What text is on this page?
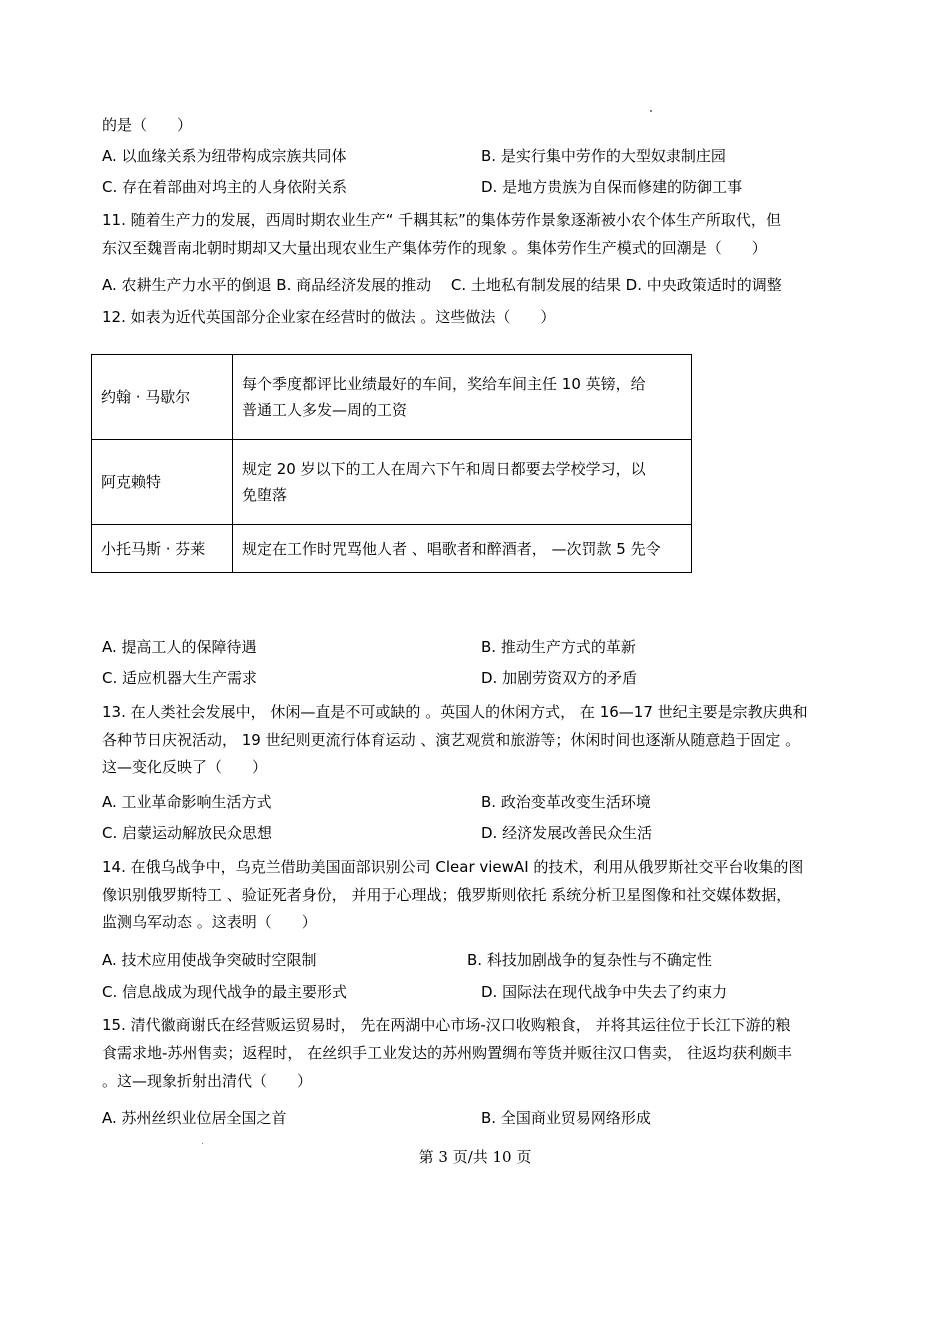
的是（　　）
A. 以血缘关系为纽带构成宗族共同体	B. 是实行集中劳作的大型奴隶制庄园
C. 存在着部曲对坞主的人身依附关系	D. 是地方贵族为自保而修建的防御工事
11. 随着生产力的发展，西周时期农业生产“ 千耦其耘”的集体劳作景象逐渐被小农个体生产所取代，但
东汉至魏晋南北朝时期却又大量出现农业生产集体劳作的现象 。集体劳作生产模式的回潮是（　　）
A. 农耕生产力水平的倒退 B. 商品经济发展的推动　 C. 土地私有制发展的结果 D. 中央政策适时的调整
12. 如表为近代英国部分企业家在经营时的做法 。这些做法（　　）
约翰 · 马歇尔	每个季度都评比业绩最好的车间，奖给车间主任 10 英镑，给
普通工人多发—周的工资

阿克赖特	规定 20 岁以下的工人在周六下午和周日都要去学校学习，以
免堕落

小托马斯 · 芬莱	规定在工作时咒骂他人者 、唱歌者和醉酒者， —次罚款 5 先令
A. 提高工人的保障待遇	B. 推动生产方式的革新
C. 适应机器大生产需求	D. 加剧劳资双方的矛盾
13. 在人类社会发展中， 休闲—直是不可或缺的 。英国人的休闲方式， 在 16—17 世纪主要是宗教庆典和
各种节日庆祝活动， 19 世纪则更流行体育运动 、演艺观赏和旅游等；休闲时间也逐渐从随意趋于固定 。
这—变化反映了（　　）
A. 工业革命影响生活方式	B. 政治变革改变生活环境
C. 启蒙运动解放民众思想	D. 经济发展改善民众生活
14. 在俄乌战争中，乌克兰借助美国面部识别公司 Clear viewAI 的技术，利用从俄罗斯社交平台收集的图
像识别俄罗斯特工 、验证死者身份， 并用于心理战；俄罗斯则依托 系统分析卫星图像和社交媒体数据，
监测乌军动态 。这表明（　　）
A. 技术应用使战争突破时空限制	B. 科技加剧战争的复杂性与不确定性
C. 信息战成为现代战争的最主要形式	D. 国际法在现代战争中失去了约束力
15. 清代徽商谢氏在经营贩运贸易时， 先在两湖中心市场-汉口收购粮食， 并将其运往位于长江下游的粮
食需求地-苏州售卖；返程时， 在丝织手工业发达的苏州购置绸布等货并贩往汉口售卖， 往返均获利颇丰
。这—现象折射出清代（　　）
A. 苏州丝织业位居全国之首	B. 全国商业贸易网络形成
第 3 页/共 10 页
